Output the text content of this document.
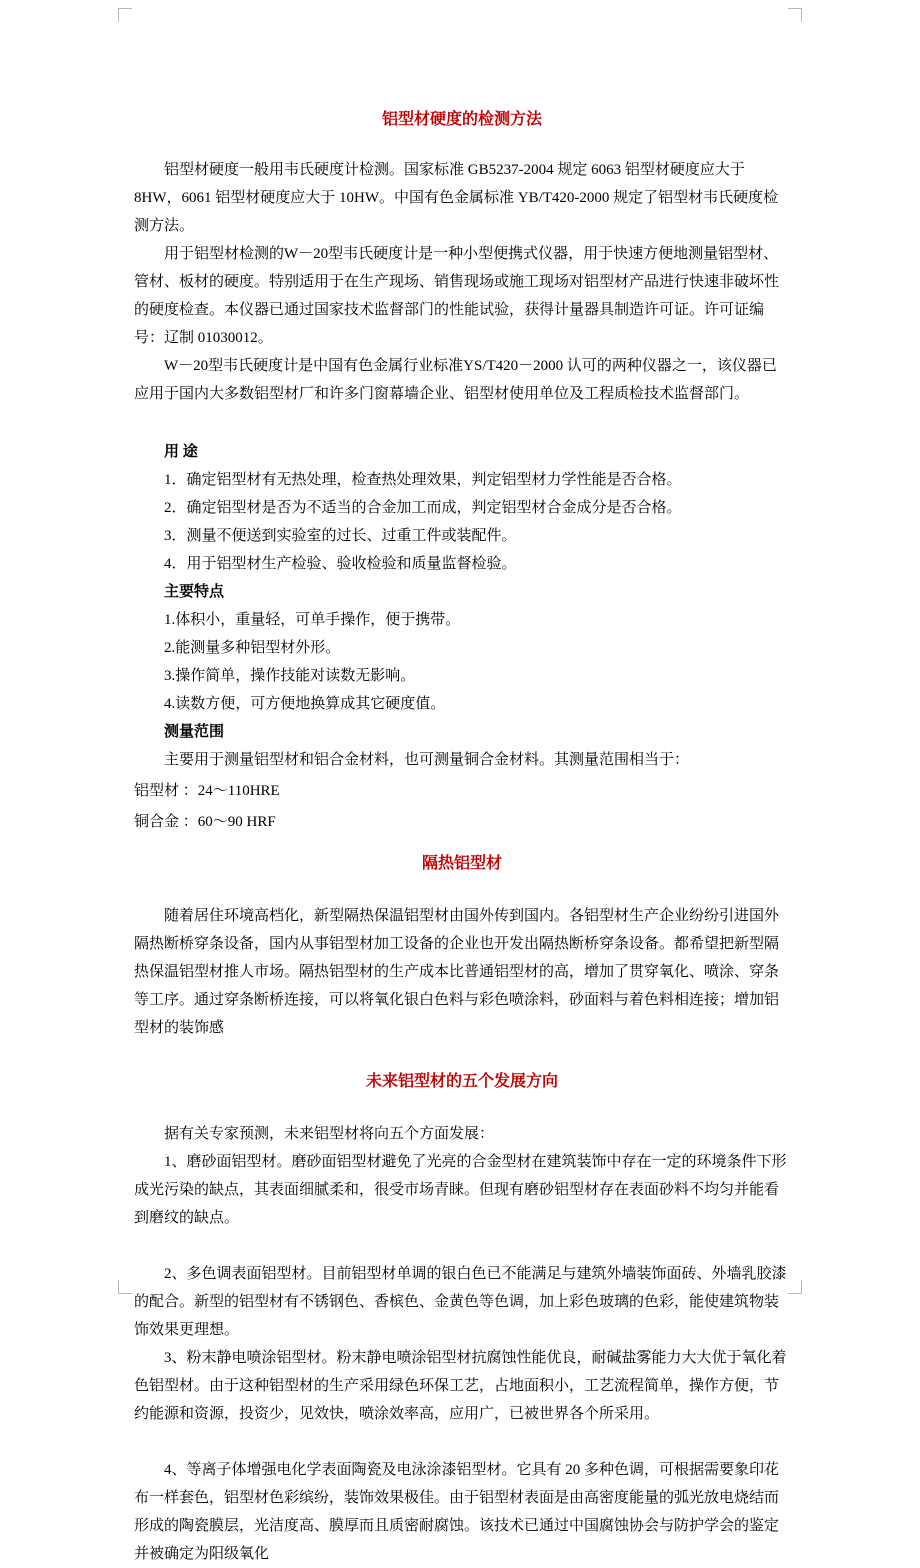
铝型材硬度的检测方法

铝型材硬度一般用韦氏硬度计检测。国家标准 GB5237-2004 规定 6063 铝型材硬度应大于 8HW，6061 铝型材硬度应大于 10HW。中国有色金属标准 YB/T420-2000 规定了铝型材韦氏硬度检测方法。

用于铝型材检测的W－20型韦氏硬度计是一种小型便携式仪器，用于快速方便地测量铝型材、管材、板材的硬度。特别适用于在生产现场、销售现场或施工现场对铝型材产品进行快速非破坏性的硬度检查。本仪器已通过国家技术监督部门的性能试验，获得计量器具制造许可证。许可证编号：辽制 01030012。

W－20型韦氏硬度计是中国有色金属行业标准YS/T420－2000 认可的两种仪器之一，该仪器已应用于国内大多数铝型材厂和许多门窗幕墙企业、铝型材使用单位及工程质检技术监督部门。

用 途

1．确定铝型材有无热处理，检查热处理效果，判定铝型材力学性能是否合格。

2．确定铝型材是否为不适当的合金加工而成，判定铝型材合金成分是否合格。

3．测量不便送到实验室的过长、过重工件或装配件。

4．用于铝型材生产检验、验收检验和质量监督检验。

主要特点

1.体积小，重量轻，可单手操作，便于携带。

2.能测量多种铝型材外形。

3.操作简单，操作技能对读数无影响。

4.读数方便，可方便地换算成其它硬度值。

测量范围

主要用于测量铝型材和铝合金材料，也可测量铜合金材料。其测量范围相当于：

铝型材 ：24～110HRE

铜合金 ：60～90 HRF

隔热铝型材

随着居住环境高档化，新型隔热保温铝型材由国外传到国内。各铝型材生产企业纷纷引进国外隔热断桥穿条设备，国内从事铝型材加工设备的企业也开发出隔热断桥穿条设备。都希望把新型隔热保温铝型材推人市场。隔热铝型材的生产成本比普通铝型材的高，增加了贯穿氧化、喷涂、穿条等工序。通过穿条断桥连接，可以将氧化银白色料与彩色喷涂料，砂面料与着色料相连接；增加铝型材的装饰感

未来铝型材的五个发展方向

据有关专家预测，未来铝型材将向五个方面发展：

1、磨砂面铝型材。磨砂面铝型材避免了光亮的合金型材在建筑装饰中存在一定的环境条件下形成光污染的缺点，其表面细腻柔和，很受市场青睐。但现有磨砂铝型材存在表面砂料不均匀并能看到磨纹的缺点。

2、多色调表面铝型材。目前铝型材单调的银白色已不能满足与建筑外墙装饰面砖、外墙乳胶漆的配合。新型的铝型材有不锈钢色、香槟色、金黄色等色调，加上彩色玻璃的色彩，能使建筑物装饰效果更理想。

3、粉末静电喷涂铝型材。粉末静电喷涂铝型材抗腐蚀性能优良，耐碱盐雾能力大大优于氧化着色铝型材。由于这种铝型材的生产采用绿色环保工艺，占地面积小，工艺流程简单，操作方便，节约能源和资源，投资少，见效快，喷涂效率高，应用广，已被世界各个所采用。

4、等离子体增强电化学表面陶瓷及电泳涂漆铝型材。它具有 20 多种色调，可根据需要象印花布一样套色，铝型材色彩缤纷，装饰效果极佳。由于铝型材表面是由高密度能量的弧光放电烧结而形成的陶瓷膜层，光洁度高、膜厚而且质密耐腐蚀。该技术已通过中国腐蚀协会与防护学会的鉴定并被确定为阳级氧化
